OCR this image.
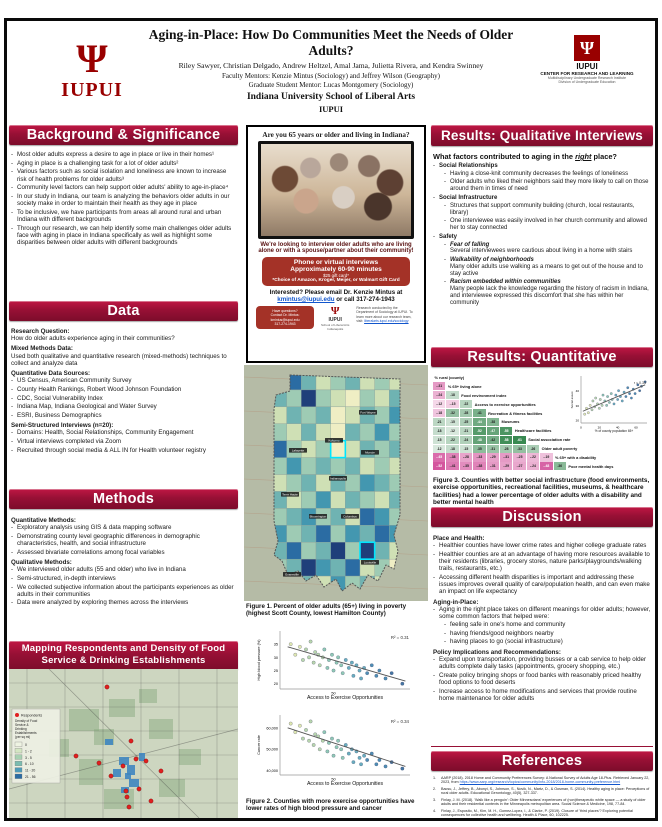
Ψ
IUPUI
Aging-in-Place: How Do Communities Meet the Needs of Older Adults?
Riley Sawyer, Christian Delgado, Andrew Heltzel, Amal Jama, Julietta Rivera, and Kendra Swinney
Faculty Mentors: Kenzie Mintus (Sociology) and Jeffrey Wilson (Geography)
Graduate Student Mentor: Lucas Montgomery (Sociology)
Indiana University School of Liberal Arts
IUPUI
Ψ
IUPUI
CENTER FOR RESEARCH AND LEARNING
Multidisciplinary Undergraduate Research Institute
Division of Undergraduate Education
Background & Significance
- Most older adults express a desire to age in place or live in their homes¹
- Aging in place is a challenging task for a lot of older adults²
- Various factors such as social isolation and loneliness are known to increase risk of health problems for older adults³
- Community level factors can help support older adults' ability to age-in-place⁴
- In our study in Indiana, our team is analyzing the behaviors older adults in our society make in order to maintain their health as they age in place
- To be inclusive, we have participants from areas all around rural and urban Indiana with different backgrounds
- Through our research, we can help identify some main challenges older adults face with aging in place in Indiana specifically as well as highlight some disparities between older adults with different backgrounds
Data
Research Question:

How do older adults experience aging in their communities?

Mixed Methods Data:

Used both qualitative and quantitative research (mixed-methods) techniques to collect and analyze data

Quantitative Data Sources:
- US Census, American Community Survey
- County Health Rankings, Robert Wood Johnson Foundation
- CDC, Social Vulnerability Index
- Indiana Map, Indiana Geological and Water Survey
- ESRI, Business Demographics
Semi-Structured Interviews (n=20):
- Domains: Health, Social Relationships, Community Engagement
- Virtual interviews completed via Zoom
- Recruited through social media & ALL IN for Health volunteer registry
Methods
Quantitative Methods:
- Exploratory analysis using GIS & data mapping software
- Demonstrating county level geographic differences in demographic characteristics, health, and social infrastructure
- Assessed bivariate correlations among focal variables
Qualitative Methods:
- We interviewed older adults (55 and older) who live in Indiana
- Semi-structured, in-depth interviews
- We collected subjective information about the participants experiences as older adults in their communities
- Data were analyzed by exploring themes across the interviews
Mapping Respondents and Density of Food Service & Drinking Establishments
Respondents
Density of Food
Service &
Drinking
Establishments
(per sq mi)
0
1 - 2
3 - 5
6 - 10
11 - 20
21 - 56
Are you 65 years or older and living in Indiana?
We're looking to interview older adults who are living alone or with a spouse/partner about their community!
Phone or virtual interviews
Approximately 60-90 minutes
$25 gift card*
*Choice of Amazon, Kroger, Meijer, or Walmart Gift Card
Interested? Please email Dr. Kenzie Mintus at kmintus@iupui.edu or call 317-274-1943
Have questions?
Contact Dr. Mintus:
kmintus@iupui.edu
317-274-1943
Ψ
IUPUI
School of Liberal Arts
Indianapolis
Research conducted by the Department of Sociology at IUPUI. To learn more about our research team, visit: liberalarts.iupui.edu/sociology
Fort Wayne
Lafayette
Kokomo
Muncie
Indianapolis
Terre Haute
Bloomington	Columbus
Evansville
Louisville
Figure 1. Percent of older adults (65+) living in poverty (highest Scott County, lowest Hamilton County)
20
25
30
35
50
R² = 0.31
Access to Exercise Opportunities
High blood pressure (%)
40,000
50,000
60,000
50
R² = 0.34
Access to Exercise Opportunities
Cancer rate
Figure 2. Counties with more exercise opportunities have lower rates of high blood pressure and cancer
Results: Qualitative Interviews
What factors contributed to aging in the right place?
- Social Relationships
- Having a close-knit community decreases the feelings of loneliness
- Older adults who liked their neighbors said they more likely to call on those around them in times of need
- Social Infrastructure
- Structures that support community building (church, local restaurants, library)
- One interviewee was easily involved in her church community and allowed her to stay connected
- Safety
- Fear of falling
Several interviewees were cautious about living in a home with stairs
- Walkability of neighborhoods
Many older adults use walking as a means to get out of the house and to stay active
- Racism embedded within communities
Many people lack the knowledge regarding the history of racism in Indiana, and interviewee expressed this discomfort that she has within her community
Results: Quantitative
% rural (county)
-.31	% 65+ living alone
-.24	.18	Food environment index
-.12	-.15	.22	Access to exercise opportunities
-.18	.32	.28	.41	Recreation & fitness facilities
.21	.15	.25	.44	.38	Museums
.18	.12	.21	.52	.47	.55	Healthcare facilities
.15	.22	.24	.48	.42	.58	.61	Social association rate
.12	.18	.15	.35	.31	.28	.33	.26	Older adult poverty
-.45	-.38	-.28	-.33	-.29	-.31	-.25	-.22	-.19	% 65+ with a disability
-.52	-.41	-.35	-.38	-.31	-.29	-.27	-.24	-.48	.36	Poor mental health days
20
30
40
0	20	40	60
r = 0.33
% of county population 65+
Social assoc.
Figure 3. Counties with better social infrastructure (food environments, exercise opportunities, recreational facilities, museums, & healthcare facilities) had a lower percentage of older adults with a disability and better mental health
Discussion
Place and Health:
- Healthier counties have lower crime rates and higher college graduate rates
- Healthier counties are at an advantage of having more resources available to their residents (libraries, grocery stores, nature parks/playgrounds/walking trails, restaurants, etc.)
- Accessing different health disparities is important and addressing these issues improves overall quality of care/population health, and can even make an impact on life expectancy
Aging-in-Place:
- Aging in the right place takes on different meanings for older adults; however, some common factors that helped were:
- feeling safe in one's home and community
- having friends/good neighbors nearby
- having places to go (social infrastructure)
Policy Implications and Recommendations:
- Expand upon transportation, providing busses or a cab service to help older adults complete daily tasks (appointments, grocery shopping, etc.)
- Create policy bringing shops or food banks with reasonably priced healthy food options to food deserts
- Increase access to home modifications and services that provide routine home maintenance for older adults
References
1.	AARP (2018). 2018 Home and Community Preferences Survey: A National Survey of Adults Age 18-Plus. Retrieved January 22, 2023, from https://www.aarp.org/research/topics/community/info-2018/2018-home-community-preference.html
2.	Bacsu, J., Jeffery, B., Abonyi, S., Johnson, S., Novik, N., Martz, D., & Oosman, S. (2014). Healthy aging in place: Perceptions of rural older adults. Educational Gerontology, 40(5), 327-337.
3.	Finlay, J. M. (2018). 'Walk like a penguin': Older Minnesotans' experiences of (non)therapeutic white space — a study of older adults and their residential contexts in the Minneapolis metropolitan area. Social Science & Medicine, 198, 77-84.
4.	Finlay, J., Esposito, M., Kim, M. H., Gomez-Lopez, I., & Clarke, P. (2019). Closure of 'third places'? Exploring potential consequences for collective health and wellbeing. Health & Place, 60, 102225.
